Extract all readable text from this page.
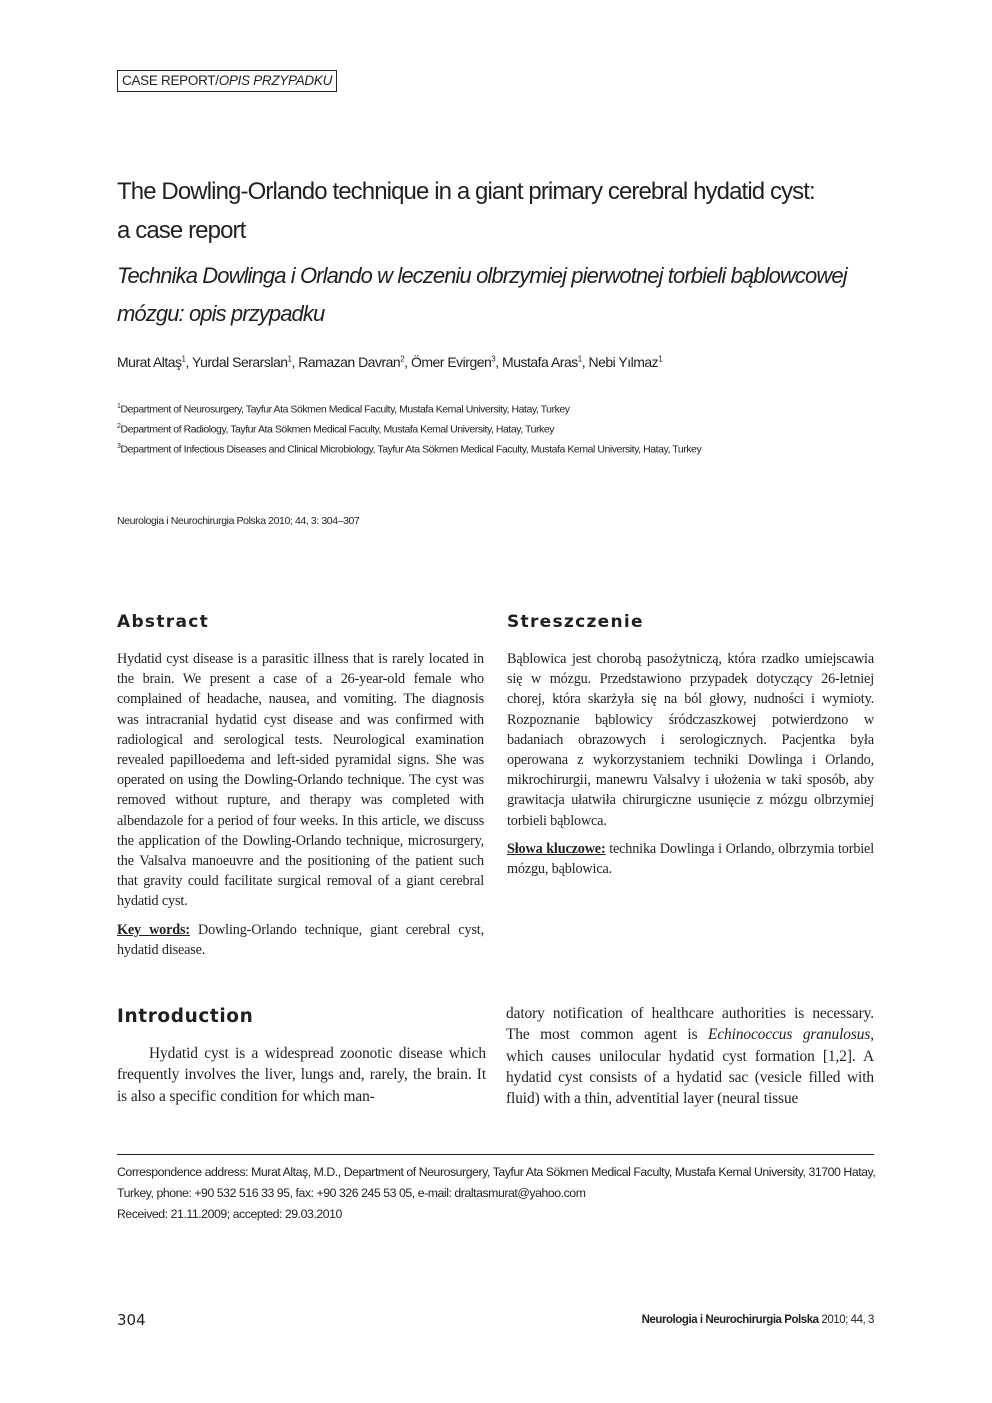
CASE REPORT/OPIS PRZYPADKU
The Dowling-Orlando technique in a giant primary cerebral hydatid cyst:
a case report
Technika Dowlinga i Orlando w leczeniu olbrzymiej pierwotnej torbieli bąblowcowej
mózgu: opis przypadku
Murat Altaş$^1$, Yurdal Serarslan$^1$, Ramazan Davran$^2$, Ömer Evirgen$^3$, Mustafa Aras$^1$, Nebi Yılmaz$^1$
$^1$Department of Neurosurgery, Tayfur Ata Sökmen Medical Faculty, Mustafa Kemal University, Hatay, Turkey
$^2$Department of Radiology, Tayfur Ata Sökmen Medical Faculty, Mustafa Kemal University, Hatay, Turkey
$^3$Department of Infectious Diseases and Clinical Microbiology, Tayfur Ata Sökmen Medical Faculty, Mustafa Kemal University, Hatay, Turkey
Neurologia i Neurochirurgia Polska 2010; 44, 3: 304–307
Abstract

Hydatid cyst disease is a parasitic illness that is rarely located in the brain. We present a case of a 26-year-old female who complained of headache, nausea, and vomiting. The diagnosis was intracranial hydatid cyst disease and was confirmed with radiological and serological tests. Neurological examination revealed papilloedema and left-sided pyramidal signs. She was operated on using the Dowling-Orlando technique. The cyst was removed without rupture, and therapy was completed with albendazole for a period of four weeks. In this article, we discuss the application of the Dowling-Orlando technique, microsurgery, the Valsalva manoeuvre and the positioning of the patient such that gravity could facilitate surgical removal of a giant cerebral hydatid cyst.

Key words: Dowling-Orlando technique, giant cerebral cyst, hydatid disease.

Streszczenie

Bąblowica jest chorobą pasożytniczą, która rzadko umiejscawia się w mózgu. Przedstawiono przypadek dotyczący 26-letniej chorej, która skarżyła się na ból głowy, nudności i wymioty. Rozpoznanie bąblowicy śródczaszkowej potwierdzono w badaniach obrazowych i serologicznych. Pacjentka była operowana z wykorzystaniem techniki Dowlinga i Orlando, mikrochirurgii, manewru Valsalvy i ułożenia w taki sposób, aby grawitacja ułatwiła chirurgiczne usunięcie z mózgu olbrzymiej torbieli bąblowca.

Słowa kluczowe: technika Dowlinga i Orlando, olbrzymia torbiel mózgu, bąblowica.

Introduction
Hydatid cyst is a widespread zoonotic disease which frequently involves the liver, lungs and, rarely, the brain. It is also a specific condition for which man-
datory notification of healthcare authorities is necessary. The most common agent is Echinococcus granulosus, which causes unilocular hydatid cyst formation [1,2]. A hydatid cyst consists of a hydatid sac (vesicle filled with fluid) with a thin, adventitial layer (neural tissue
Correspondence address: Murat Altaş, M.D., Department of Neurosurgery, Tayfur Ata Sökmen Medical Faculty, Mustafa Kemal University, 31700 Hatay,
Turkey, phone: +90 532 516 33 95, fax: +90 326 245 53 05, e-mail: draltasmurat@yahoo.com
Received: 21.11.2009; accepted: 29.03.2010
304	Neurologia i Neurochirurgia Polska 2010; 44, 3
